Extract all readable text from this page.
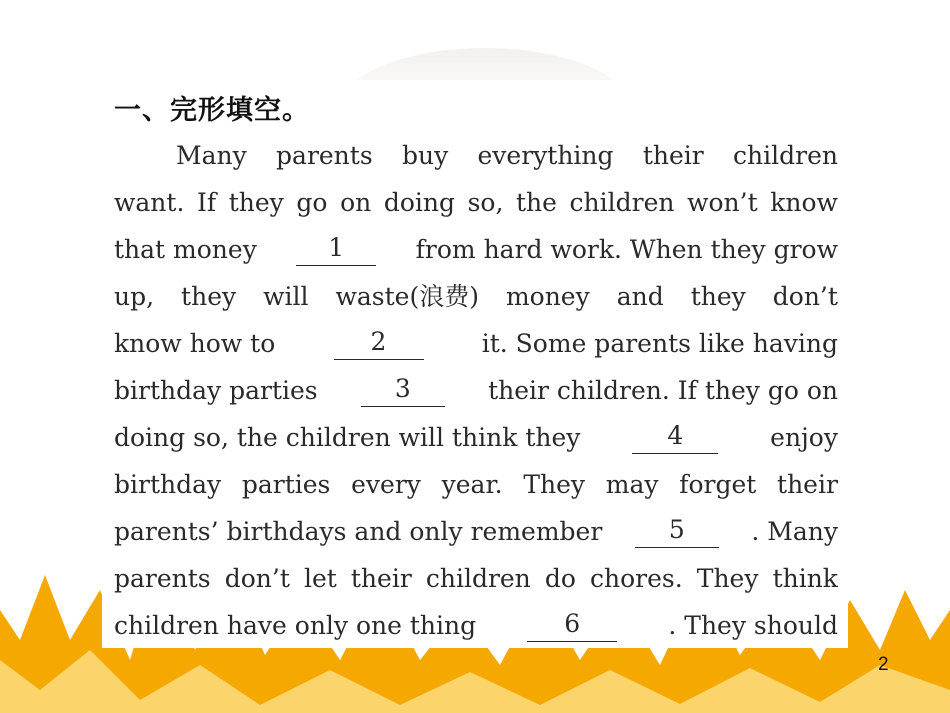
一、完形填空。
Many parents buy everything their children
want. If they go on doing so, the children won’t know
that money	1	from hard work. When they grow
up, they will waste(浪费) money and they don’t
know how to	2	it. Some parents like having
birthday parties	3	their children. If they go on
doing so, the children will think they	4	enjoy
birthday parties every year. They may forget their
parents’ birthdays and only remember	5	. Many
parents don’t let their children do chores. They think
children have only one thing	6	. They should
2
